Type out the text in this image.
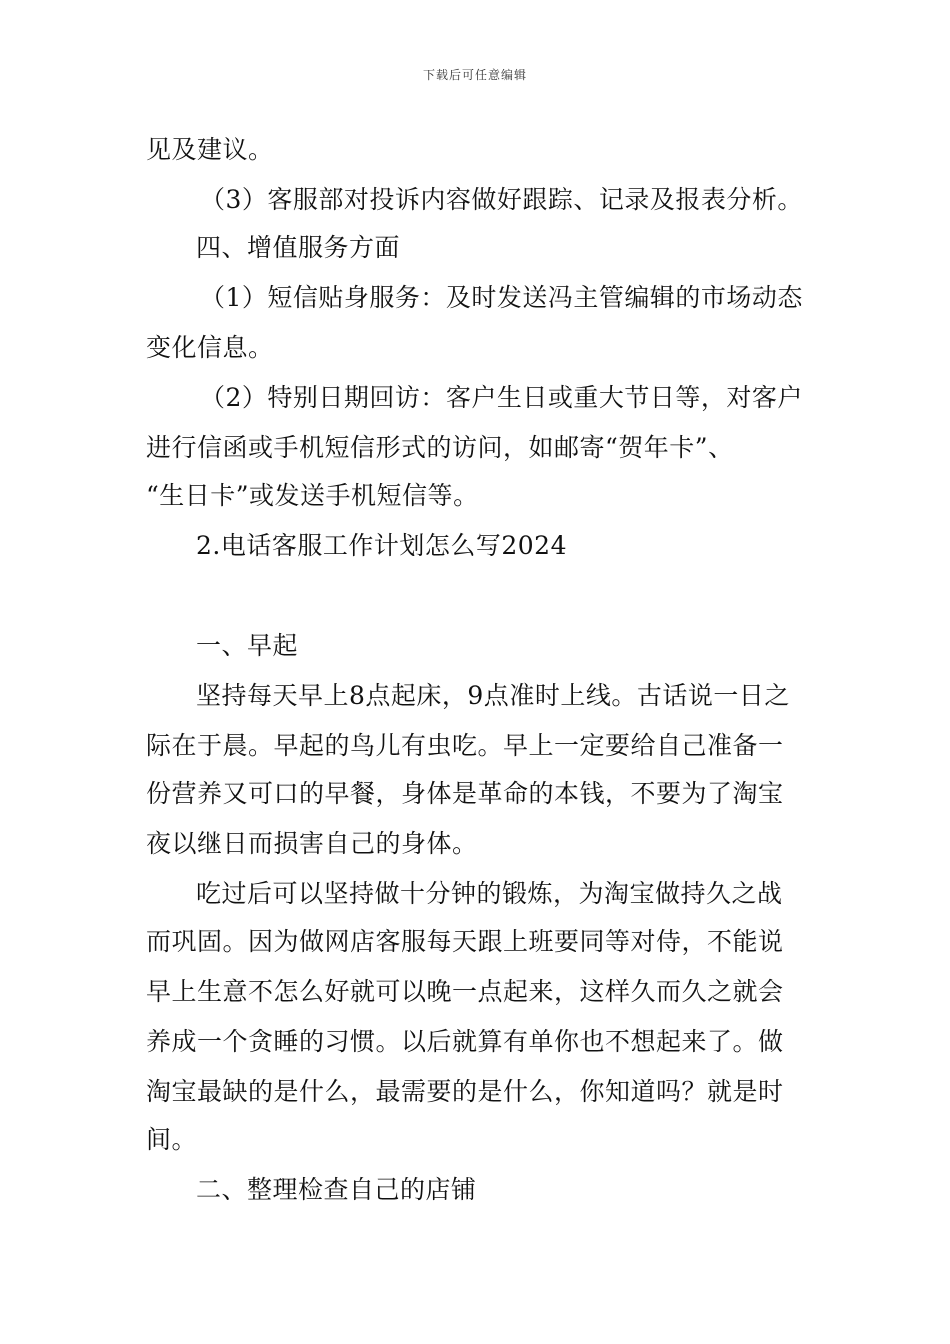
下载后可任意编辑
见及建议。
（3）客服部对投诉内容做好跟踪、记录及报表分析。
四、增值服务方面
（1）短信贴身服务：及时发送冯主管编辑的市场动态
变化信息。
（2）特别日期回访：客户生日或重大节日等，对客户
进行信函或手机短信形式的访问，如邮寄“贺年卡”、
“生日卡”或发送手机短信等。
2.电话客服工作计划怎么写2024
一、早起
坚持每天早上8点起床，9点准时上线。古话说一日之
际在于晨。早起的鸟儿有虫吃。早上一定要给自己准备一
份营养又可口的早餐，身体是革命的本钱，不要为了淘宝
夜以继日而损害自己的身体。
吃过后可以坚持做十分钟的锻炼，为淘宝做持久之战
而巩固。因为做网店客服每天跟上班要同等对侍，不能说
早上生意不怎么好就可以晚一点起来，这样久而久之就会
养成一个贪睡的习惯。以后就算有单你也不想起来了。做
淘宝最缺的是什么，最需要的是什么，你知道吗？就是时
间。
二、整理检查自己的店铺
